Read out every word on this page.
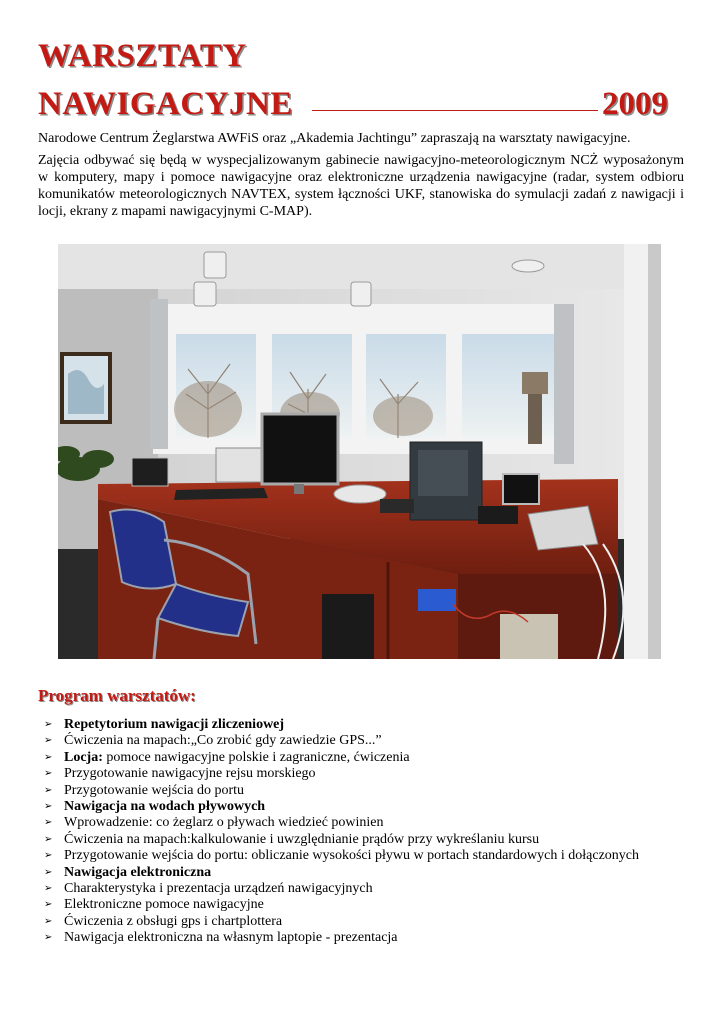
WARSZTATY
NAWIGACYJNE	2009
Narodowe Centrum Żeglarstwa AWFiS oraz „Akademia Jachtingu” zapraszają na warsztaty nawigacyjne.
Zajęcia odbywać się będą w wyspecjalizowanym gabinecie nawigacyjno-meteorologicznym NCŻ wyposażonym w komputery, mapy i pomoce nawigacyjne oraz elektroniczne urządzenia nawigacyjne (radar, system odbioru komunikatów meteorologicznych NAVTEX, system łączności UKF, stanowiska do symulacji zadań z nawigacji i locji, ekrany z mapami nawigacyjnymi C-MAP).
Program warsztatów:
➢ Repetytorium nawigacji zliczeniowej
➢ Ćwiczenia na mapach:„Co zrobić gdy zawiedzie GPS...”
➢ Locja: pomoce nawigacyjne polskie i zagraniczne, ćwiczenia
➢ Przygotowanie nawigacyjne rejsu morskiego
➢ Przygotowanie wejścia do portu
➢ Nawigacja na wodach pływowych
➢ Wprowadzenie: co żeglarz o pływach wiedzieć powinien
➢ Ćwiczenia na mapach:kalkulowanie i uwzględnianie prądów przy wykreślaniu kursu
➢ Przygotowanie wejścia do portu: obliczanie wysokości pływu w portach standardowych i dołączonych
➢ Nawigacja elektroniczna
➢ Charakterystyka i prezentacja urządzeń nawigacyjnych
➢ Elektroniczne pomoce nawigacyjne
➢ Ćwiczenia z obsługi gps i chartplottera
➢ Nawigacja elektroniczna na własnym laptopie - prezentacja
